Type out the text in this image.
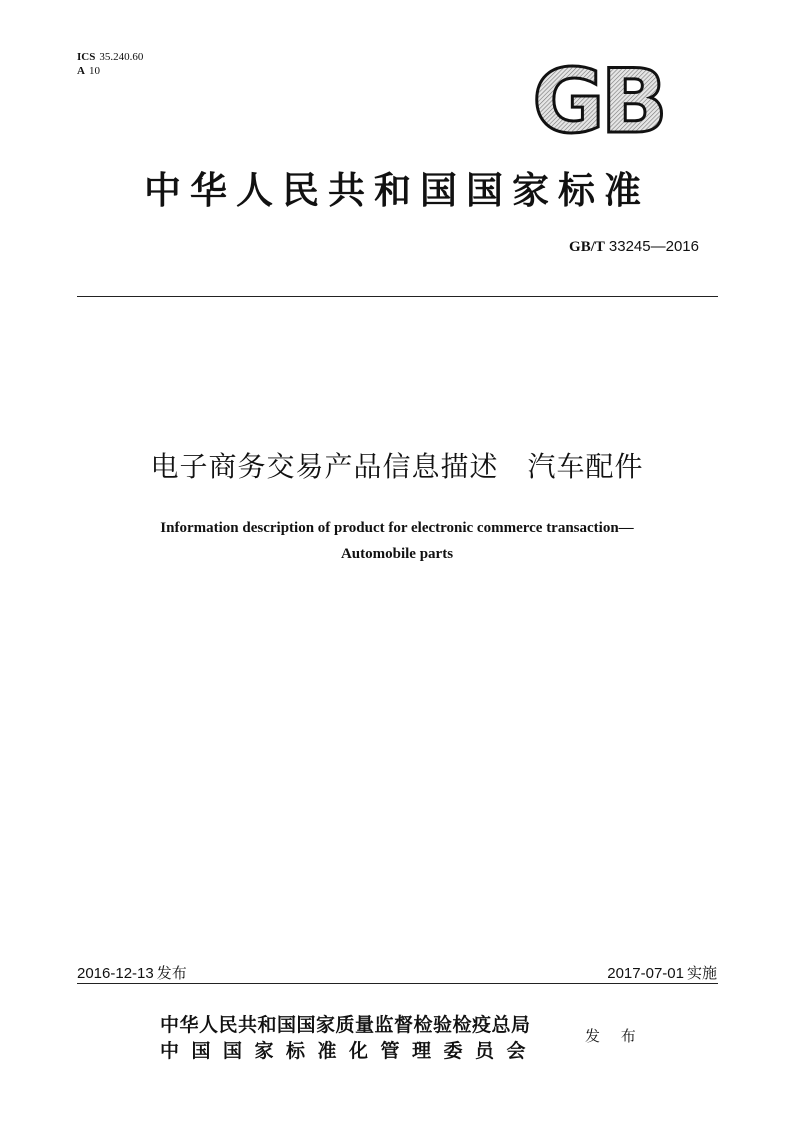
ICS 35.240.60
A 10	GB
中华人民共和国国家标准
GB/T 33245—2016
电子商务交易产品信息描述　汽车配件
Information description of product for electronic commerce transaction—
Automobile parts
2016-12-13 发布	2017-07-01 实施
中华人民共和国国家质量监督检验检疫总局
中国国家标准化管理委员会
发 布
